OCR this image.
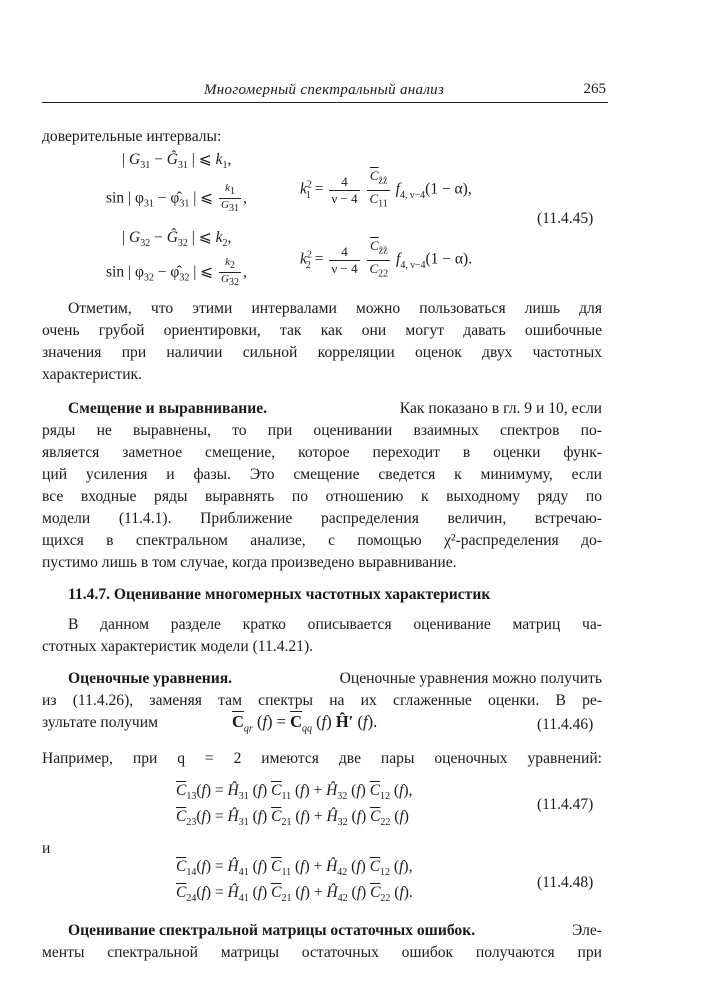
Многомерный спектральный анализ	265
доверительные интервалы:
| $G_{31}$ − $Ĝ_{31}$ | ⩽ $k_1$,
sin | $\varphi_{31}$ − $\varphî_{31}$ | ⩽ $\frac{k_1}{G_{31}}$ ,
| $G_{32}$ − $Ĝ_{32}$ | ⩽ $k_2$,
sin | $\varphi_{32}$ − $\varphî_{32}$ | ⩽ $\frac{k_2}{G_{32}}$ ,
$k^2_1 = \frac{4}{\nu - 4}$
$\frac{\overline{C}_{ẑẑ}}{\overline{C}_{11}} f_{4, \nu-4}(1 - \alpha)$,
$k^2_2 = \frac{4}{\nu - 4}$
$\frac{\overline{C}_{ẑẑ}}{\overline{C}_{22}} f_{4, \nu-4}(1 - \alpha)$.
(11.4.45)
Отметим, что этими интервалами можно пользоваться лишь для
очень грубой ориентировки, так как они могут давать ошибочные
значения при наличии сильной корреляции оценок двух частотных
характеристик.
Смещение и выравнивание.	Как показано в гл. 9 и 10, если
ряды не выравнены, то при оценивании взаимных спектров по-
является заметное смещение, которое переходит в оценки функ-
ций усиления и фазы. Это смещение сведется к минимуму, если
все входные ряды выравнять по отношению к выходному ряду по
модели (11.4.1). Приближение распределения величин, встречаю-
щихся в спектральном анализе, с помощью χ²-распределения до-
пустимо лишь в том случае, когда произведено выравнивание.
11.4.7. Оценивание многомерных частотных характеристик
В данном разделе кратко описывается оценивание матриц ча-
стотных характеристик модели (11.4.21).
Оценочные уравнения.	Оценочные уравнения можно получить
из (11.4.26), заменяя там спектры на их сглаженные оценки. В ре-
зультате получим	$\overline{C}_{qr}$ $(f) = \overline{C}_{qq}$ (f) Ĥ′ (f).	(11.4.46)
Например, при q = 2 имеются две пары оценочных уравнений:
$\overline{C}_{13}(f)$ = $Ĥ_{31}$ (f) $\overline{C}_{11}$ $(f) + Ĥ_{32}$ (f) $\overline{C}_{12}$ (f),
$\overline{C}_{23}(f)$ = $Ĥ_{31}$ (f) $\overline{C}_{21}$ $(f) + Ĥ_{32}$ (f) $\overline{C}_{22}$ (f)
(11.4.47)
и
$\overline{C}_{14}(f)$ = $Ĥ_{41}$ (f) $\overline{C}_{11}$ $(f) + Ĥ_{42}$ (f) $\overline{C}_{12}$ (f),
$\overline{C}_{24}(f)$ = $Ĥ_{41}$ (f) $\overline{C}_{21}$ $(f) + Ĥ_{42}$ (f) $\overline{C}_{22}$ (f).
(11.4.48)
Оценивание спектральной матрицы остаточных ошибок.	Эле-
менты спектральной матрицы остаточных ошибок получаются при
